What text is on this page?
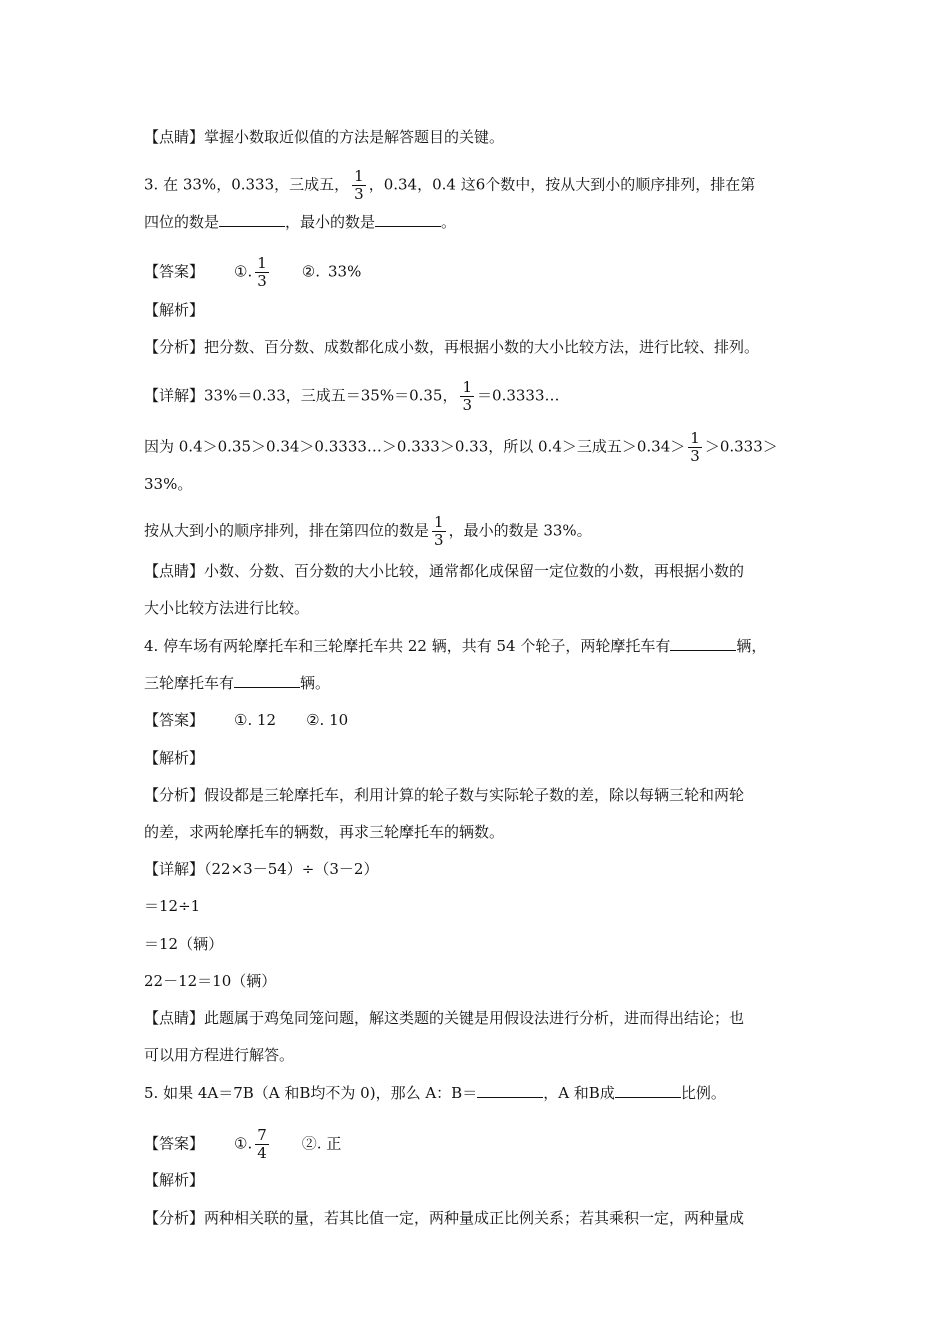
【点睛】掌握小数取近似值的方法是解答题目的关键。
3. 在 33%，0.333，三成五， $\frac{1}{3}$ ，0.34，0.4 这6个数中，按从大到小的顺序排列，排在第
四位的数是	，最小的数是	。
【答案】 ①. $\frac{1}{3}$ ②. 33%
【解析】
【分析】把分数、百分数、成数都化成小数，再根据小数的大小比较方法，进行比较、排列。
【详解】33%＝0.33，三成五＝35%＝0.35， $\frac{1}{3}$ ＝0.3333…
因为 0.4＞0.35＞0.34＞0.3333…＞0.333＞0.33，所以 0.4＞三成五$>0.34> \frac{1}{3} >0.333>$
33%。
按从大到小的顺序排列，排在第四位的数是 $\frac{1}{3}$ ，最小的数是 33%。
【点睛】小数、分数、百分数的大小比较，通常都化成保留一定位数的小数，再根据小数的
大小比较方法进行比较。
4. 停车场有两轮摩托车和三轮摩托车共 22 辆，共有 54 个轮子，两轮摩托车有	辆，
三轮摩托车有	辆。
【答案】 ①. 12 ②. 10
【解析】
【分析】假设都是三轮摩托车，利用计算的轮子数与实际轮子数的差，除以每辆三轮和两轮
的差，求两轮摩托车的辆数，再求三轮摩托车的辆数。
【详解】（22×3－54）÷（3－2）
＝12÷1
＝12（辆）
22－12＝10（辆）
【点睛】此题属于鸡兔同笼问题，解这类题的关键是用假设法进行分析，进而得出结论；也
可以用方程进行解答。
5. 如果 4A＝7B（A 和B均不为 0)，那么 A：B＝	，A 和B成	比例。
【答案】 ①. $\frac{7}{4}$ ②. 正
【解析】
【分析】两种相关联的量，若其比值一定，两种量成正比例关系；若其乘积一定，两种量成
